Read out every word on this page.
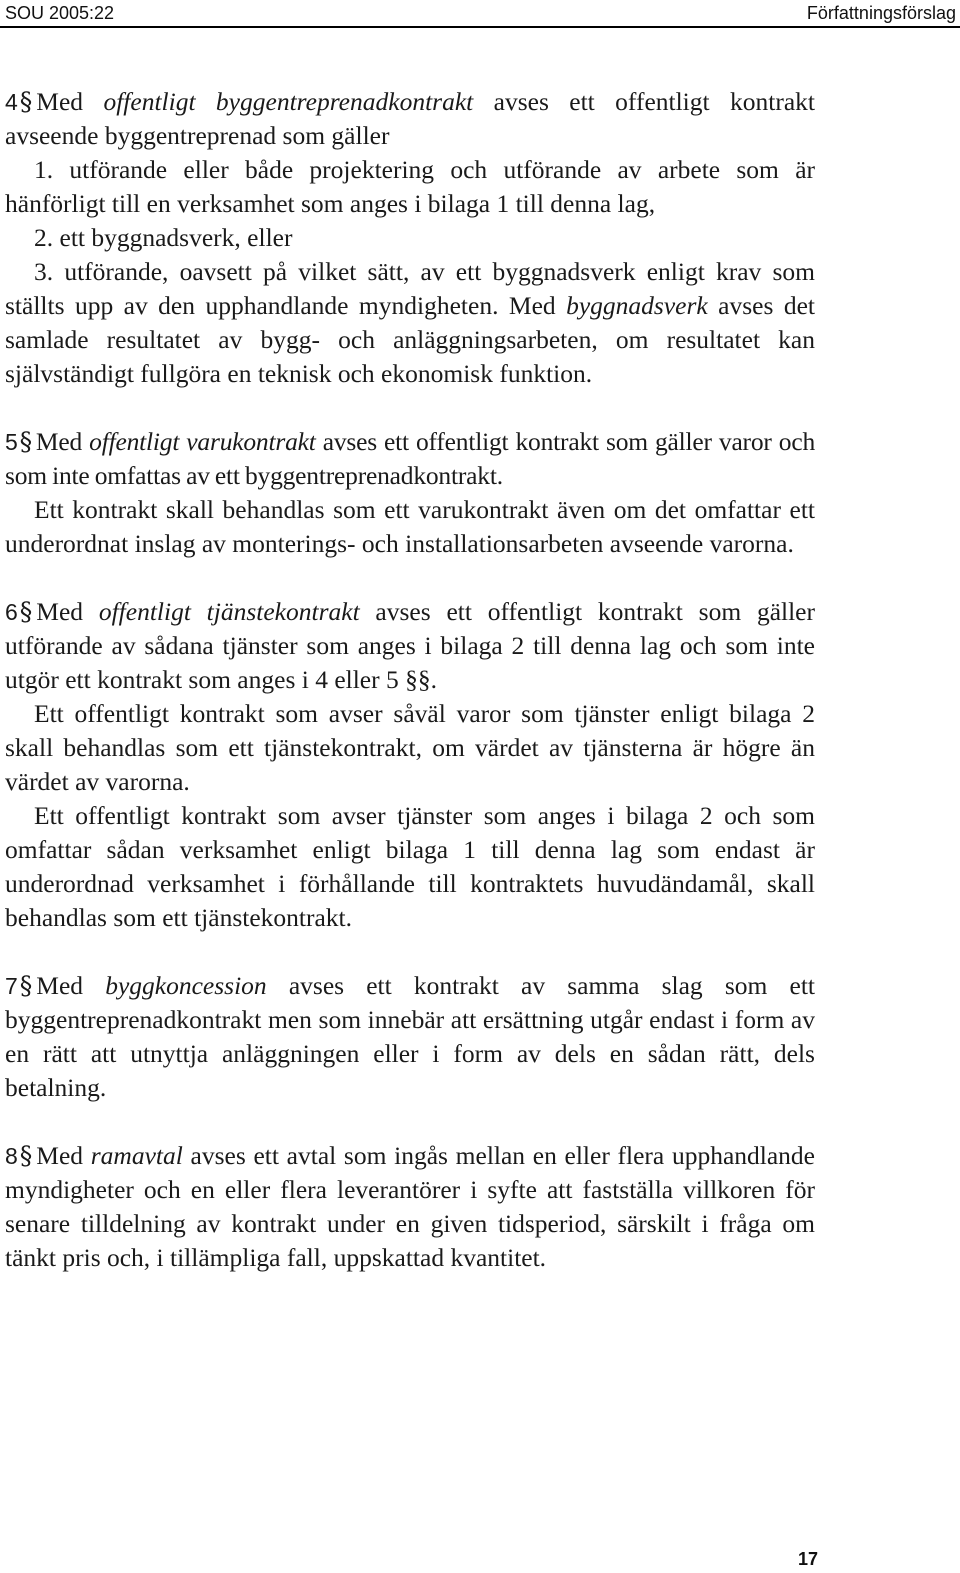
SOU 2005:22	Författningsförslag

4§ Med offentligt byggentreprenadkontrakt avses ett offentligt kontrakt avseende byggentreprenad som gäller

1. utförande eller både projektering och utförande av arbete som är hänförligt till en verksamhet som anges i bilaga 1 till denna lag,

2. ett byggnadsverk, eller

3. utförande, oavsett på vilket sätt, av ett byggnadsverk enligt krav som ställts upp av den upphandlande myndigheten. Med byggnadsverk avses det samlade resultatet av bygg- och anläggningsarbeten, om resultatet kan självständigt fullgöra en teknisk och ekonomisk funktion.

5§ Med offentligt varukontrakt avses ett offentligt kontrakt som gäller varor och som inte omfattas av ett byggentreprenadkontrakt.

Ett kontrakt skall behandlas som ett varukontrakt även om det omfattar ett underordnat inslag av monterings- och installationsarbeten avseende varorna.

6§ Med offentligt tjänstekontrakt avses ett offentligt kontrakt som gäller utförande av sådana tjänster som anges i bilaga 2 till denna lag och som inte utgör ett kontrakt som anges i 4 eller 5 §§.

Ett offentligt kontrakt som avser såväl varor som tjänster enligt bilaga 2 skall behandlas som ett tjänstekontrakt, om värdet av tjänsterna är högre än värdet av varorna.

Ett offentligt kontrakt som avser tjänster som anges i bilaga 2 och som omfattar sådan verksamhet enligt bilaga 1 till denna lag som endast är underordnad verksamhet i förhållande till kontraktets huvudändamål, skall behandlas som ett tjänstekontrakt.

7§ Med byggkoncession avses ett kontrakt av samma slag som ett byggentreprenadkontrakt men som innebär att ersättning utgår endast i form av en rätt att utnyttja anläggningen eller i form av dels en sådan rätt, dels betalning.

8§ Med ramavtal avses ett avtal som ingås mellan en eller flera upphandlande myndigheter och en eller flera leverantörer i syfte att fastställa villkoren för senare tilldelning av kontrakt under en given tidsperiod, särskilt i fråga om tänkt pris och, i tillämpliga fall, uppskattad kvantitet.

17
